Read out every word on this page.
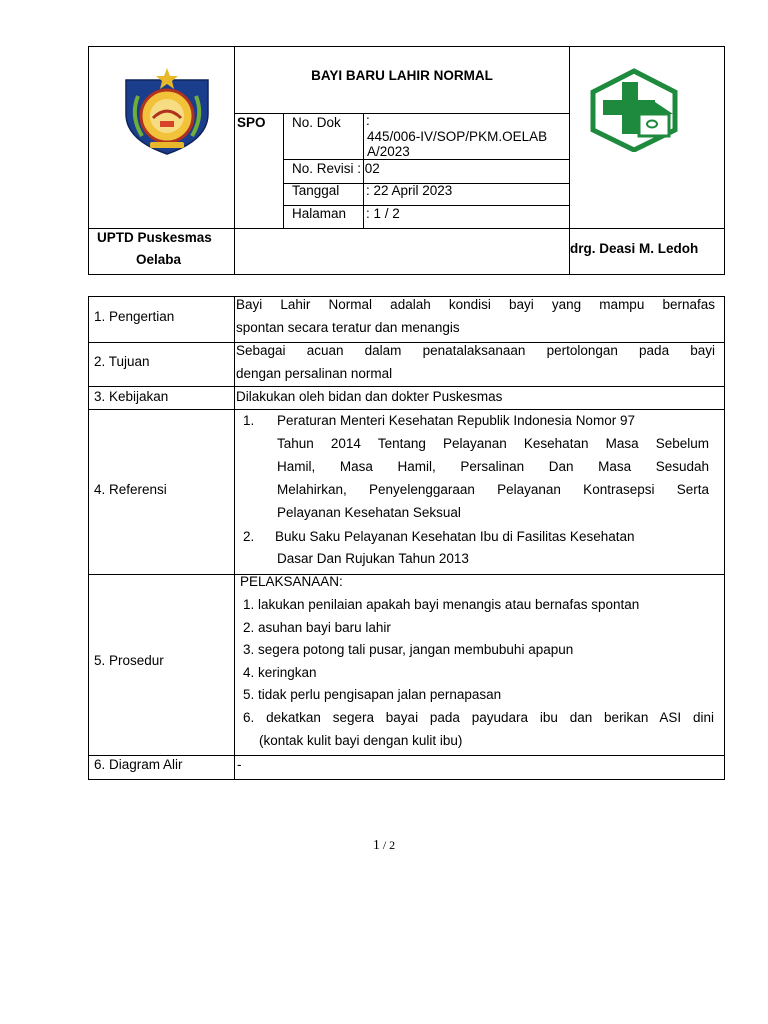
BAYI BARU LAHIR NORMAL
SPO No. Dok :
445/006-IV/SOP/PKM.OELAB
A/2023
No. Revisi : 02
Tanggal : 22 April 2023
Halaman : 1 / 2
UPTD Puskesmas
Oelaba
drg. Deasi M. Ledoh
1. Pengertian
Bayi Lahir Normal adalah kondisi bayi yang mampu bernafas
spontan secara teratur dan menangis
2. Tujuan
Sebagai acuan dalam penatalaksanaan pertolongan pada bayi
dengan persalinan normal
3. Kebijakan	Dilakukan oleh bidan dan dokter Puskesmas
4. Referensi
1. Peraturan Menteri Kesehatan Republik Indonesia Nomor 97
Tahun 2014 Tentang Pelayanan Kesehatan Masa Sebelum
Hamil, Masa Hamil, Persalinan Dan Masa Sesudah
Melahirkan, Penyelenggaraan Pelayanan Kontrasepsi Serta
Pelayanan Kesehatan Seksual
2. Buku Saku Pelayanan Kesehatan Ibu di Fasilitas Kesehatan
Dasar Dan Rujukan Tahun 2013
5. Prosedur
PELAKSANAAN:
1. lakukan penilaian apakah bayi menangis atau bernafas spontan
2. asuhan bayi baru lahir
3. segera potong tali pusar, jangan membubuhi apapun
4. keringkan
5. tidak perlu pengisapan jalan pernapasan
6. dekatkan segera bayai pada payudara ibu dan berikan ASI dini
(kontak kulit bayi dengan kulit ibu)
6. Diagram Alir	-
1 / 2
